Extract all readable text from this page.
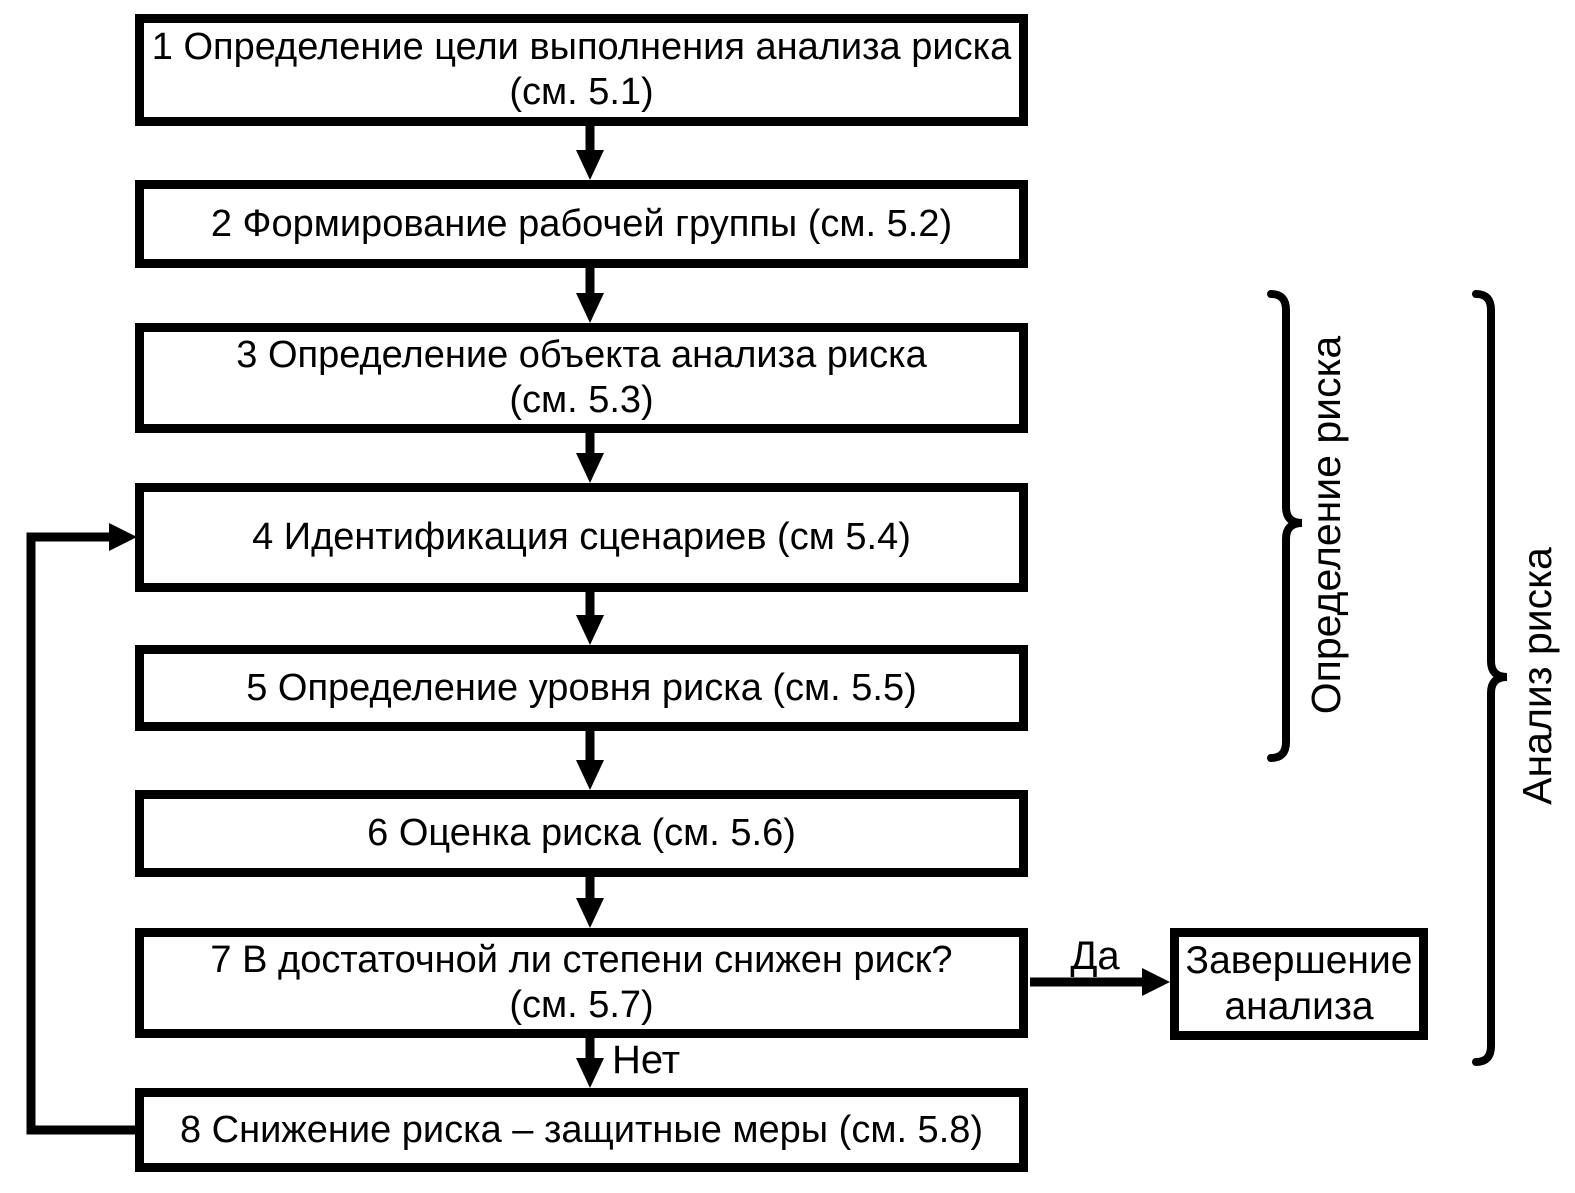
1 Определение цели выполнения анализа риска
(см. 5.1)
2 Формирование рабочей группы (см. 5.2)
3 Определение объекта анализа риска
(см. 5.3)
4 Идентификация сценариев (см 5.4)
5 Определение уровня риска (см. 5.5)
6 Оценка риска (см. 5.6)
7 В достаточной ли степени снижен риск?
(см. 5.7)
8 Снижение риска – защитные меры (см. 5.8)
Завершение
анализа
Да
Нет
Определение риска	Анализ риска
